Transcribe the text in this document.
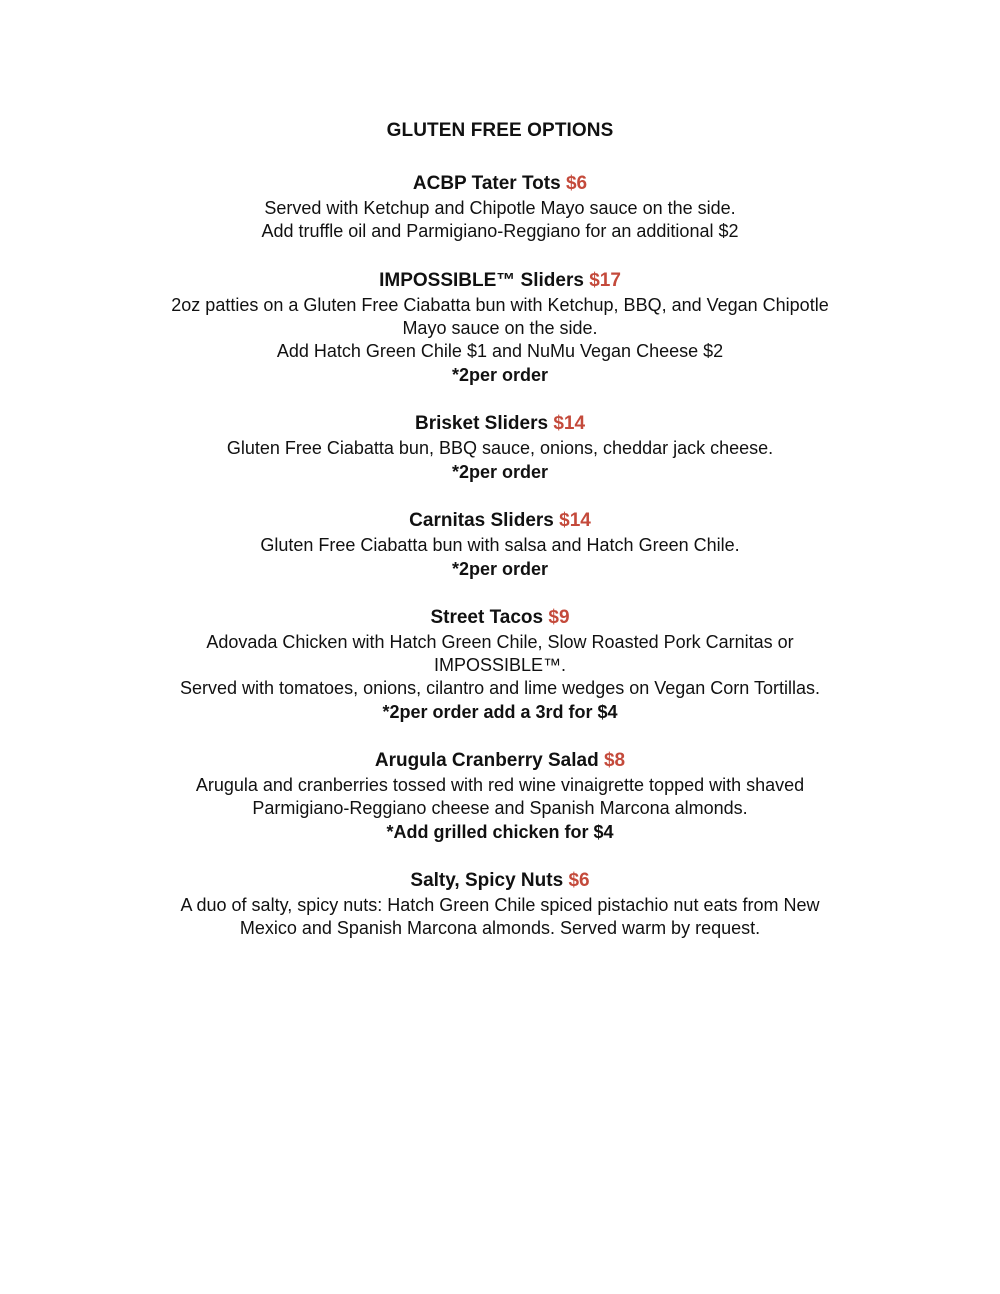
GLUTEN FREE OPTIONS
ACBP Tater Tots $6
Served with Ketchup and Chipotle Mayo sauce on the side.
Add truffle oil and Parmigiano-Reggiano for an additional $2
IMPOSSIBLE™ Sliders $17
2oz patties on a Gluten Free Ciabatta bun with Ketchup, BBQ, and Vegan Chipotle
Mayo sauce on the side.
Add Hatch Green Chile $1 and NuMu Vegan Cheese $2
*2per order
Brisket Sliders $14
Gluten Free Ciabatta bun, BBQ sauce, onions, cheddar jack cheese.
*2per order
Carnitas Sliders $14
Gluten Free Ciabatta bun with salsa and Hatch Green Chile.
*2per order
Street Tacos $9
Adovada Chicken with Hatch Green Chile, Slow Roasted Pork Carnitas or
IMPOSSIBLE™.
Served with tomatoes, onions, cilantro and lime wedges on Vegan Corn Tortillas.
*2per order add a 3rd for $4
Arugula Cranberry Salad $8
Arugula and cranberries tossed with red wine vinaigrette topped with shaved
Parmigiano-Reggiano cheese and Spanish Marcona almonds.
*Add grilled chicken for $4
Salty, Spicy Nuts $6
A duo of salty, spicy nuts: Hatch Green Chile spiced pistachio nut eats from New
Mexico and Spanish Marcona almonds. Served warm by request.
